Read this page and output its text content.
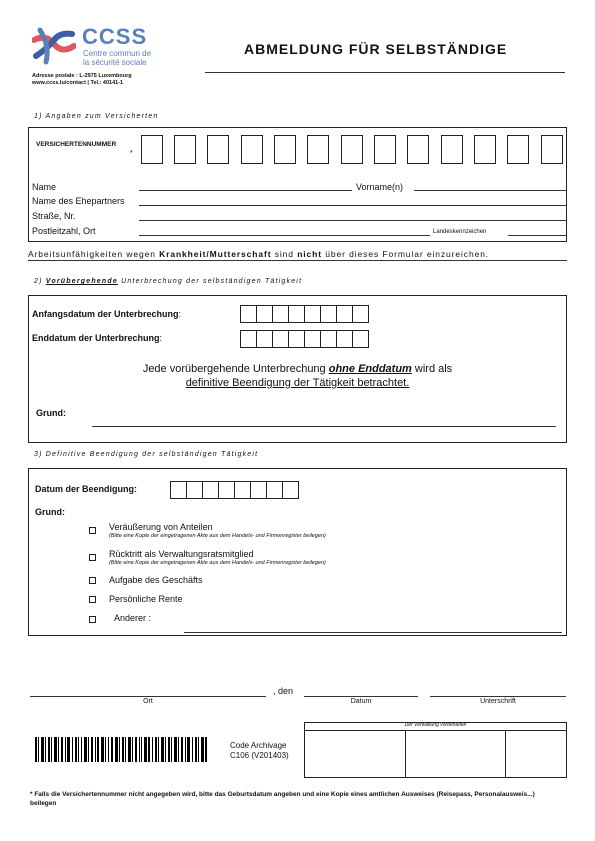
CCSS
Centre commun de
la sécurité sociale
Adresse postale : L-2975 Luxembourg
www.ccss.lu/contact | Tel.: 40141-1
ABMELDUNG FÜR SELBSTÄNDIGE
1) Angaben zum Versicherten
VERSICHERTENNUMMER
*
Name	Vorname(n)
Name des Ehepartners
Straße, Nr.
Postleitzahl, Ort	Landeskennzeichen
Arbeitsunfähigkeiten wegen Krankheit/Mutterschaft sind nicht über dieses Formular einzureichen.
2) Vorübergehende Unterbrechung der selbständigen Tätigkeit
Anfangsdatum der Unterbrechung:
Enddatum der Unterbrechung:
Jede vorübergehende Unterbrechung ohne Enddatum wird als
definitive Beendigung der Tätigkeit betrachtet.
Grund:
3) Definitive Beendigung der selbständigen Tätigkeit
Datum der Beendigung:
Grund:
Veräußerung von Anteilen
(Bitte eine Kopie der eingetragenen Akte aus dem Handels- und Firmenregister beilegen)
Rücktritt als Verwaltungsratsmitglied
(Bitte eine Kopie der eingetragenen Akte aus dem Handels- und Firmenregister beilegen)
Aufgabe des Geschäfts
Persönliche Rente
Anderer :
, den
Ort	Datum	Unterschrift
Code Archivage
C106 (V201403)
Der Verwaltung vorbehalten
* Falls die Versichertennummer nicht angegeben wird, bitte das Geburtsdatum angeben und eine Kopie eines amtlichen Ausweises (Reisepass, Personalausweis...) beilegen
